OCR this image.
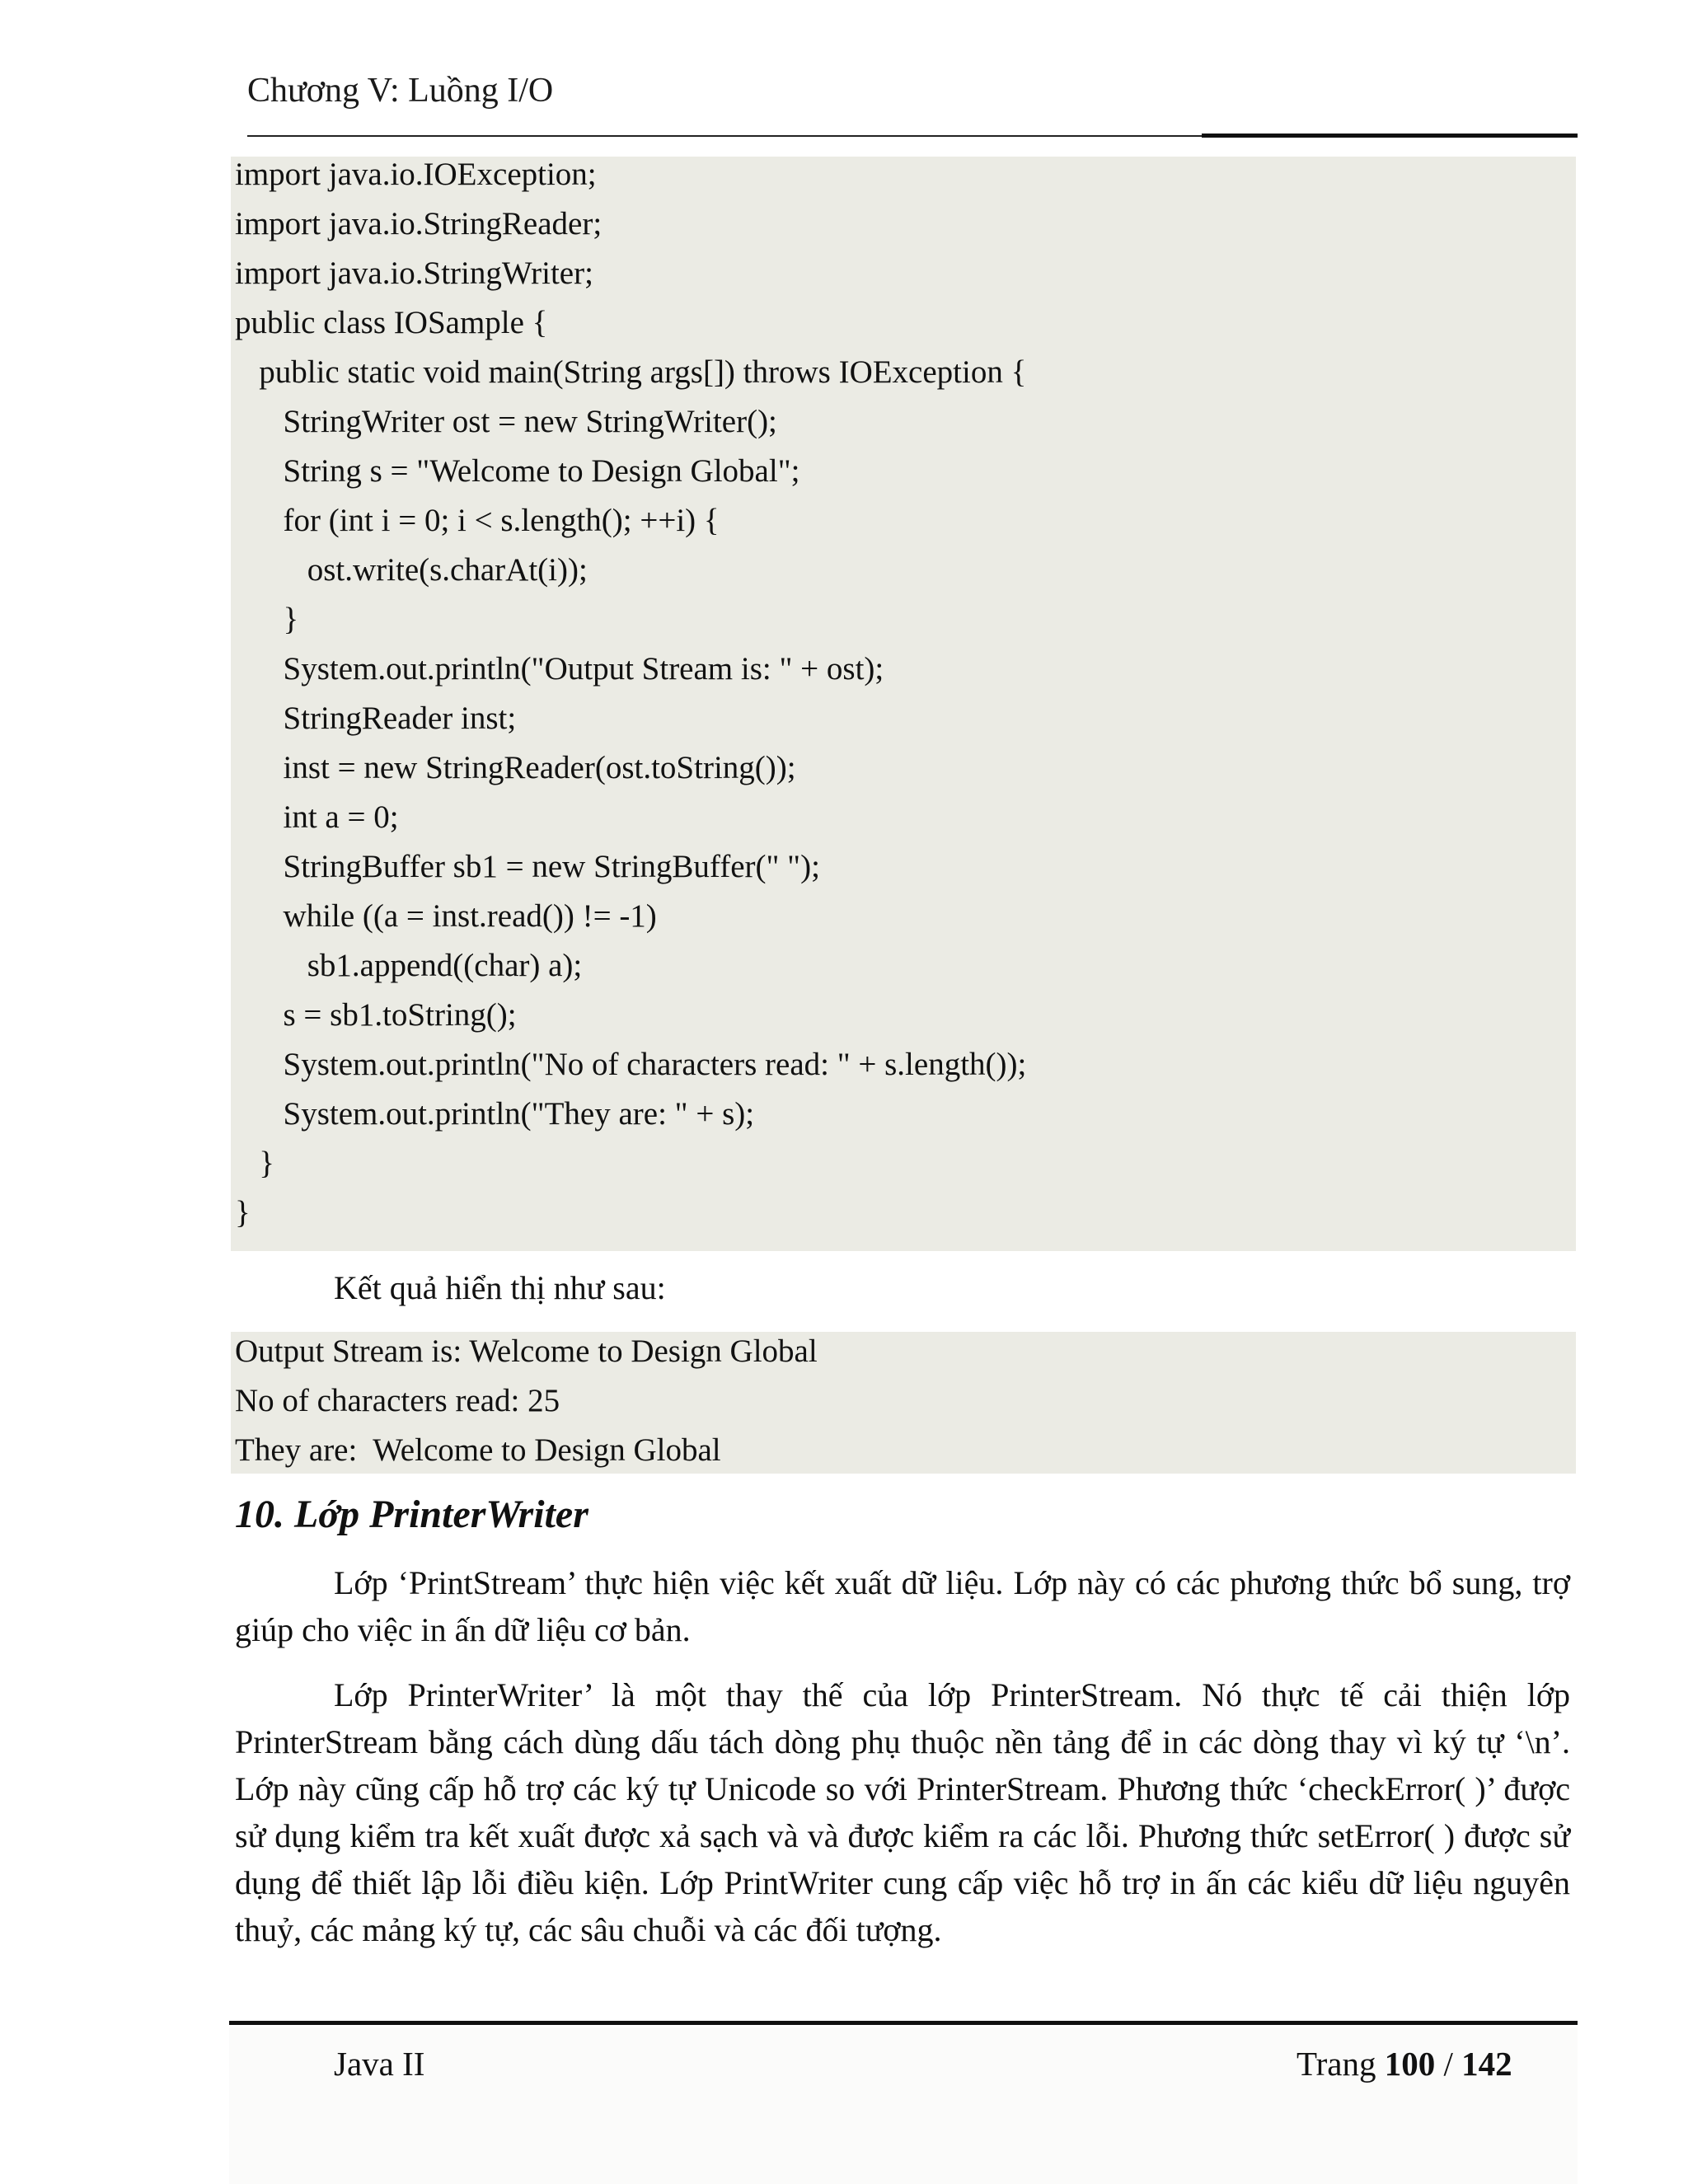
Chương V: Luồng I/O
import java.io.IOException;
import java.io.StringReader;
import java.io.StringWriter;
public class IOSample {
public static void main(String args[]) throws IOException {
StringWriter ost = new StringWriter();
String s = "Welcome to Design Global";
for (int i = 0; i < s.length(); ++i) {
ost.write(s.charAt(i));
}
System.out.println("Output Stream is: " + ost);
StringReader inst;
inst = new StringReader(ost.toString());
int a = 0;
StringBuffer sb1 = new StringBuffer(" ");
while ((a = inst.read()) != -1)
sb1.append((char) a);
s = sb1.toString();
System.out.println("No of characters read: " + s.length());
System.out.println("They are: " + s);
}
}
Kết quả hiển thị như sau:
Output Stream is: Welcome to Design Global
No of characters read: 25
They are:  Welcome to Design Global
10. Lớp PrinterWriter

Lớp ‘PrintStream’ thực hiện việc kết xuất dữ liệu. Lớp này có các phương thức bổ sung, trợ giúp cho việc in ấn dữ liệu cơ bản.

Lớp PrinterWriter’ là một thay thế của lớp PrinterStream. Nó thực tế cải thiện lớp PrinterStream bằng cách dùng dấu tách dòng phụ thuộc nền tảng để in các dòng thay vì ký tự ‘\n’. Lớp này cũng cấp hỗ trợ các ký tự Unicode so với PrinterStream. Phương thức ‘checkError( )’ được sử dụng kiểm tra kết xuất được xả sạch và và được kiểm ra các lỗi. Phương thức setError( ) được sử dụng để thiết lập lỗi điều kiện. Lớp PrintWriter cung cấp việc hỗ trợ in ấn các kiểu dữ liệu nguyên thuỷ, các mảng ký tự, các sâu chuỗi và các đối tượng.

Java II	Trang 100 / 142
